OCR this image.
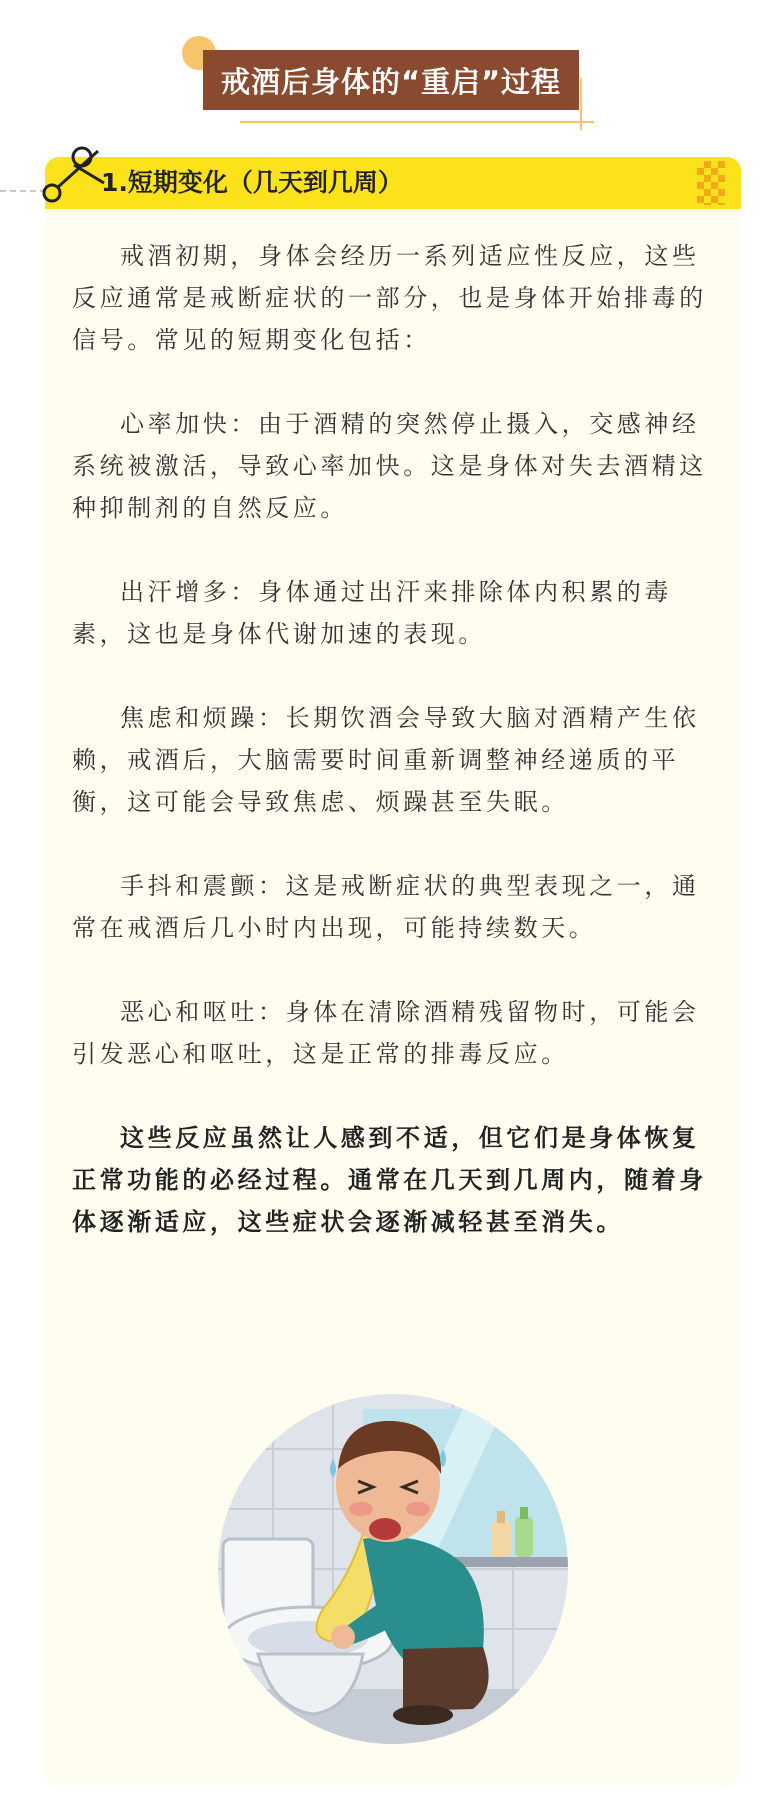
戒酒后身体的“重启”过程
1.短期变化（几天到几周）

戒酒初期，身体会经历一系列适应性反应，这些反应通常是戒断症状的一部分，也是身体开始排毒的信号。常见的短期变化包括：

心率加快：由于酒精的突然停止摄入，交感神经系统被激活，导致心率加快。这是身体对失去酒精这种抑制剂的自然反应。

出汗增多：身体通过出汗来排除体内积累的毒素，这也是身体代谢加速的表现。

焦虑和烦躁：长期饮酒会导致大脑对酒精产生依赖，戒酒后，大脑需要时间重新调整神经递质的平衡，这可能会导致焦虑、烦躁甚至失眠。

手抖和震颤：这是戒断症状的典型表现之一，通常在戒酒后几小时内出现，可能持续数天。

恶心和呕吐：身体在清除酒精残留物时，可能会引发恶心和呕吐，这是正常的排毒反应。

这些反应虽然让人感到不适，但它们是身体恢复正常功能的必经过程。通常在几天到几周内，随着身体逐渐适应，这些症状会逐渐减轻甚至消失。
